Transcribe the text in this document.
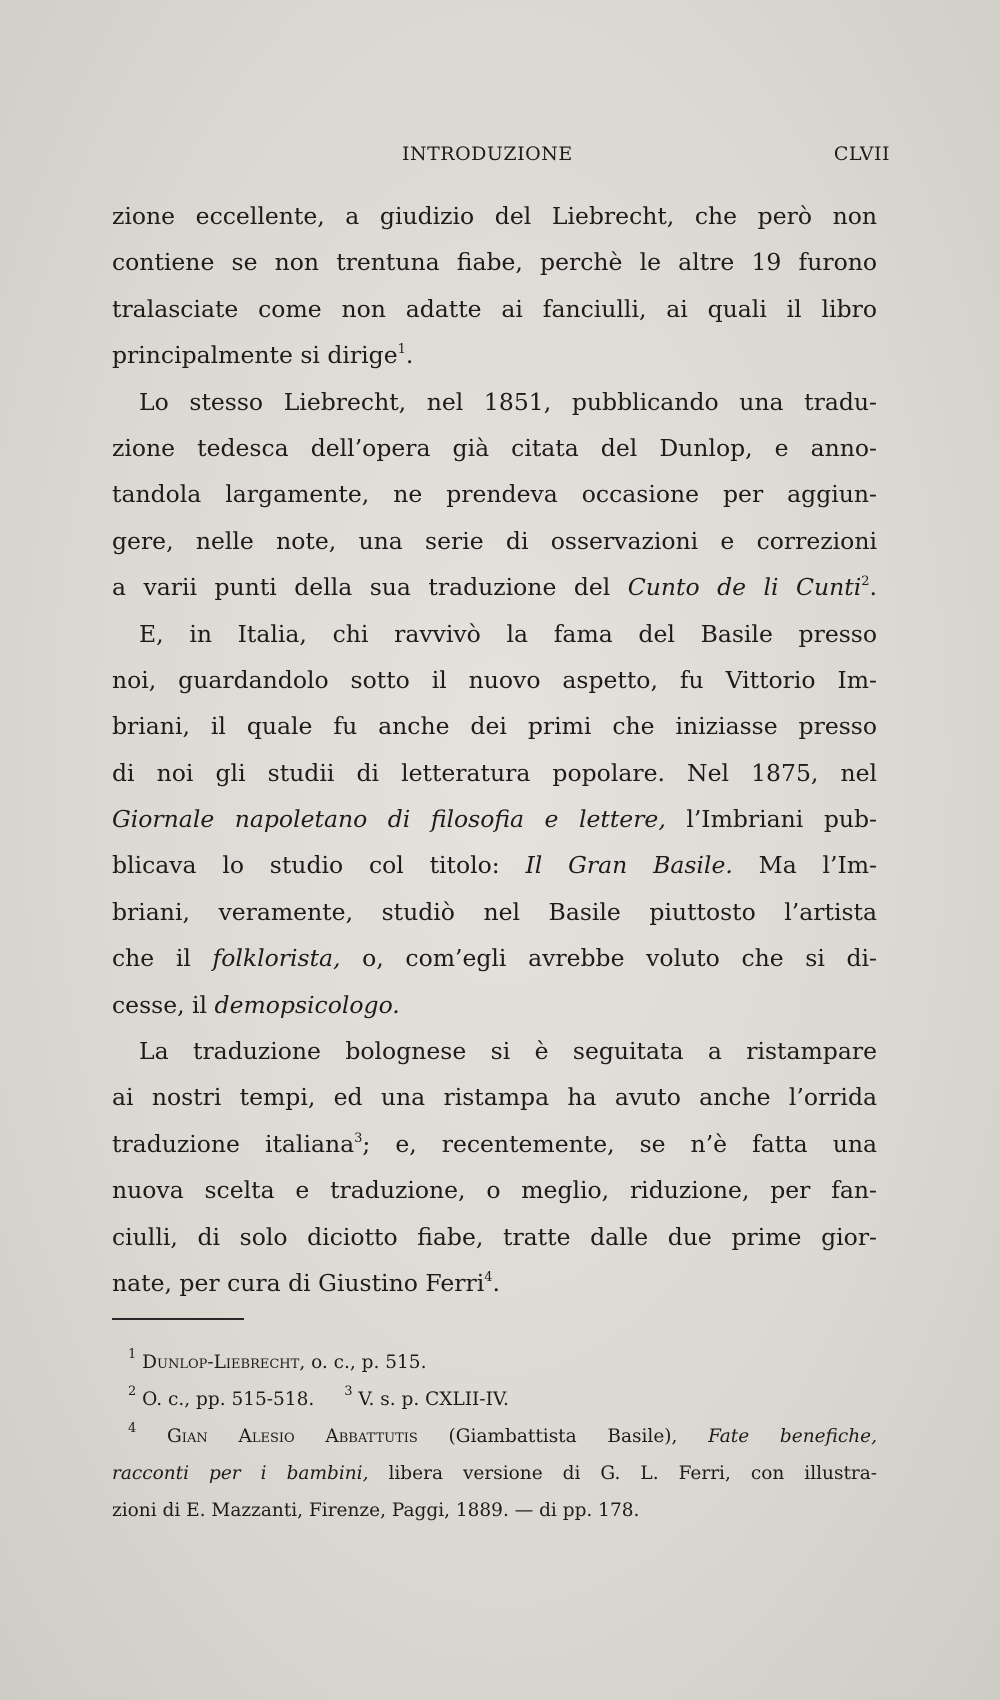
INTRODUZIONE	CLVII
zione eccellente, a giudizio del Liebrecht, che però non
contiene se non trentuna fiabe, perchè le altre 19 furono
tralasciate come non adatte ai fanciulli, ai quali il libro
principalmente si dirige$^1$.
Lo stesso Liebrecht, nel 1851, pubblicando una tradu-
zione tedesca dell’opera già citata del Dunlop, e anno-
tandola largamente, ne prendeva occasione per aggiun-
gere, nelle note, una serie di osservazioni e correzioni
a varii punti della sua traduzione del Cunto de li Cunti$^2$.
E, in Italia, chi ravvivò la fama del Basile presso
noi, guardandolo sotto il nuovo aspetto, fu Vittorio Im-
briani, il quale fu anche dei primi che iniziasse presso
di noi gli studii di letteratura popolare. Nel 1875, nel
Giornale napoletano di filosofia e lettere, l’Imbriani pub-
blicava lo studio col titolo: Il Gran Basile. Ma l’Im-
briani, veramente, studiò nel Basile piuttosto l’artista
che il folklorista, o, com’egli avrebbe voluto che si di-
cesse, il demopsicologo.
La traduzione bolognese si è seguitata a ristampare
ai nostri tempi, ed una ristampa ha avuto anche l’orrida
traduzione italiana$^3$; e, recentemente, se n’è fatta una
nuova scelta e traduzione, o meglio, riduzione, per fan-
ciulli, di solo diciotto fiabe, tratte dalle due prime gior-
nate, per cura di Giustino Ferri$^4$.
$^1$ Dunlop-Liebrecht, o. c., p. 515.
$^2$ O. c., pp. 515-518. $^3$ V. s. p. CXLII-IV.
$^4$ Gian Alesio Abbattutis (Giambattista Basile), Fate benefiche,
racconti per i bambini, libera versione di G. L. Ferri, con illustra-
zioni di E. Mazzanti, Firenze, Paggi, 1889. — di pp. 178.
